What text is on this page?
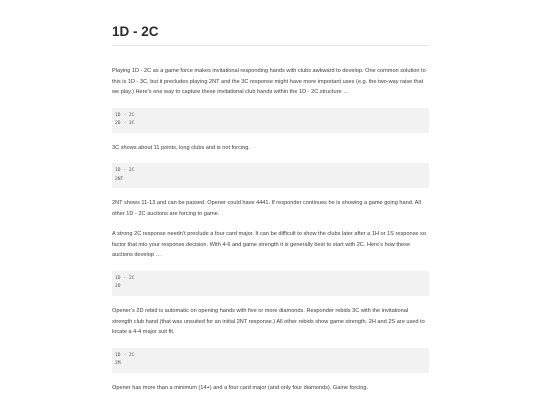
1D - 2C

Playing 1D - 2C as a game force makes invitational responding hands with clubs awkward to develop. One common solution to this is 1D - 3C, but it precludes playing 2NT and the 3C response might have more important uses (e.g. the two-way raise that we play.) Here’s one way to capture these invitational club hands within the 1D - 2C structure …

1D - 2C
2D - 3C

3C shows about 11 points, long clubs and is not forcing.

1D - 2C
2NT

2NT shows 11-13 and can be passed. Opener could have 4441. If responder continues he is showing a game going hand. All other 1D - 2C auctions are forcing to game.

A strong 2C response needn’t preclude a four card major. It can be difficult to show the clubs later after a 1H or 1S response so factor that into your response decision. With 4-6 and game strength it is generally best to start with 2C. Here’s how these auctions develop …

1D - 2C
2D

Opener’s 2D rebid is automatic on opening hands with five or more diamonds. Responder rebids 3C with the invitational strength club hand (that was unsuited for an initial 2NT response.) All other rebids show game strength. 2H and 2S are used to locate a 4-4 major suit fit.

1D - 2C
2M

Opener has more than a minimum (14+) and a four card major (and only four diamonds). Game forcing.
